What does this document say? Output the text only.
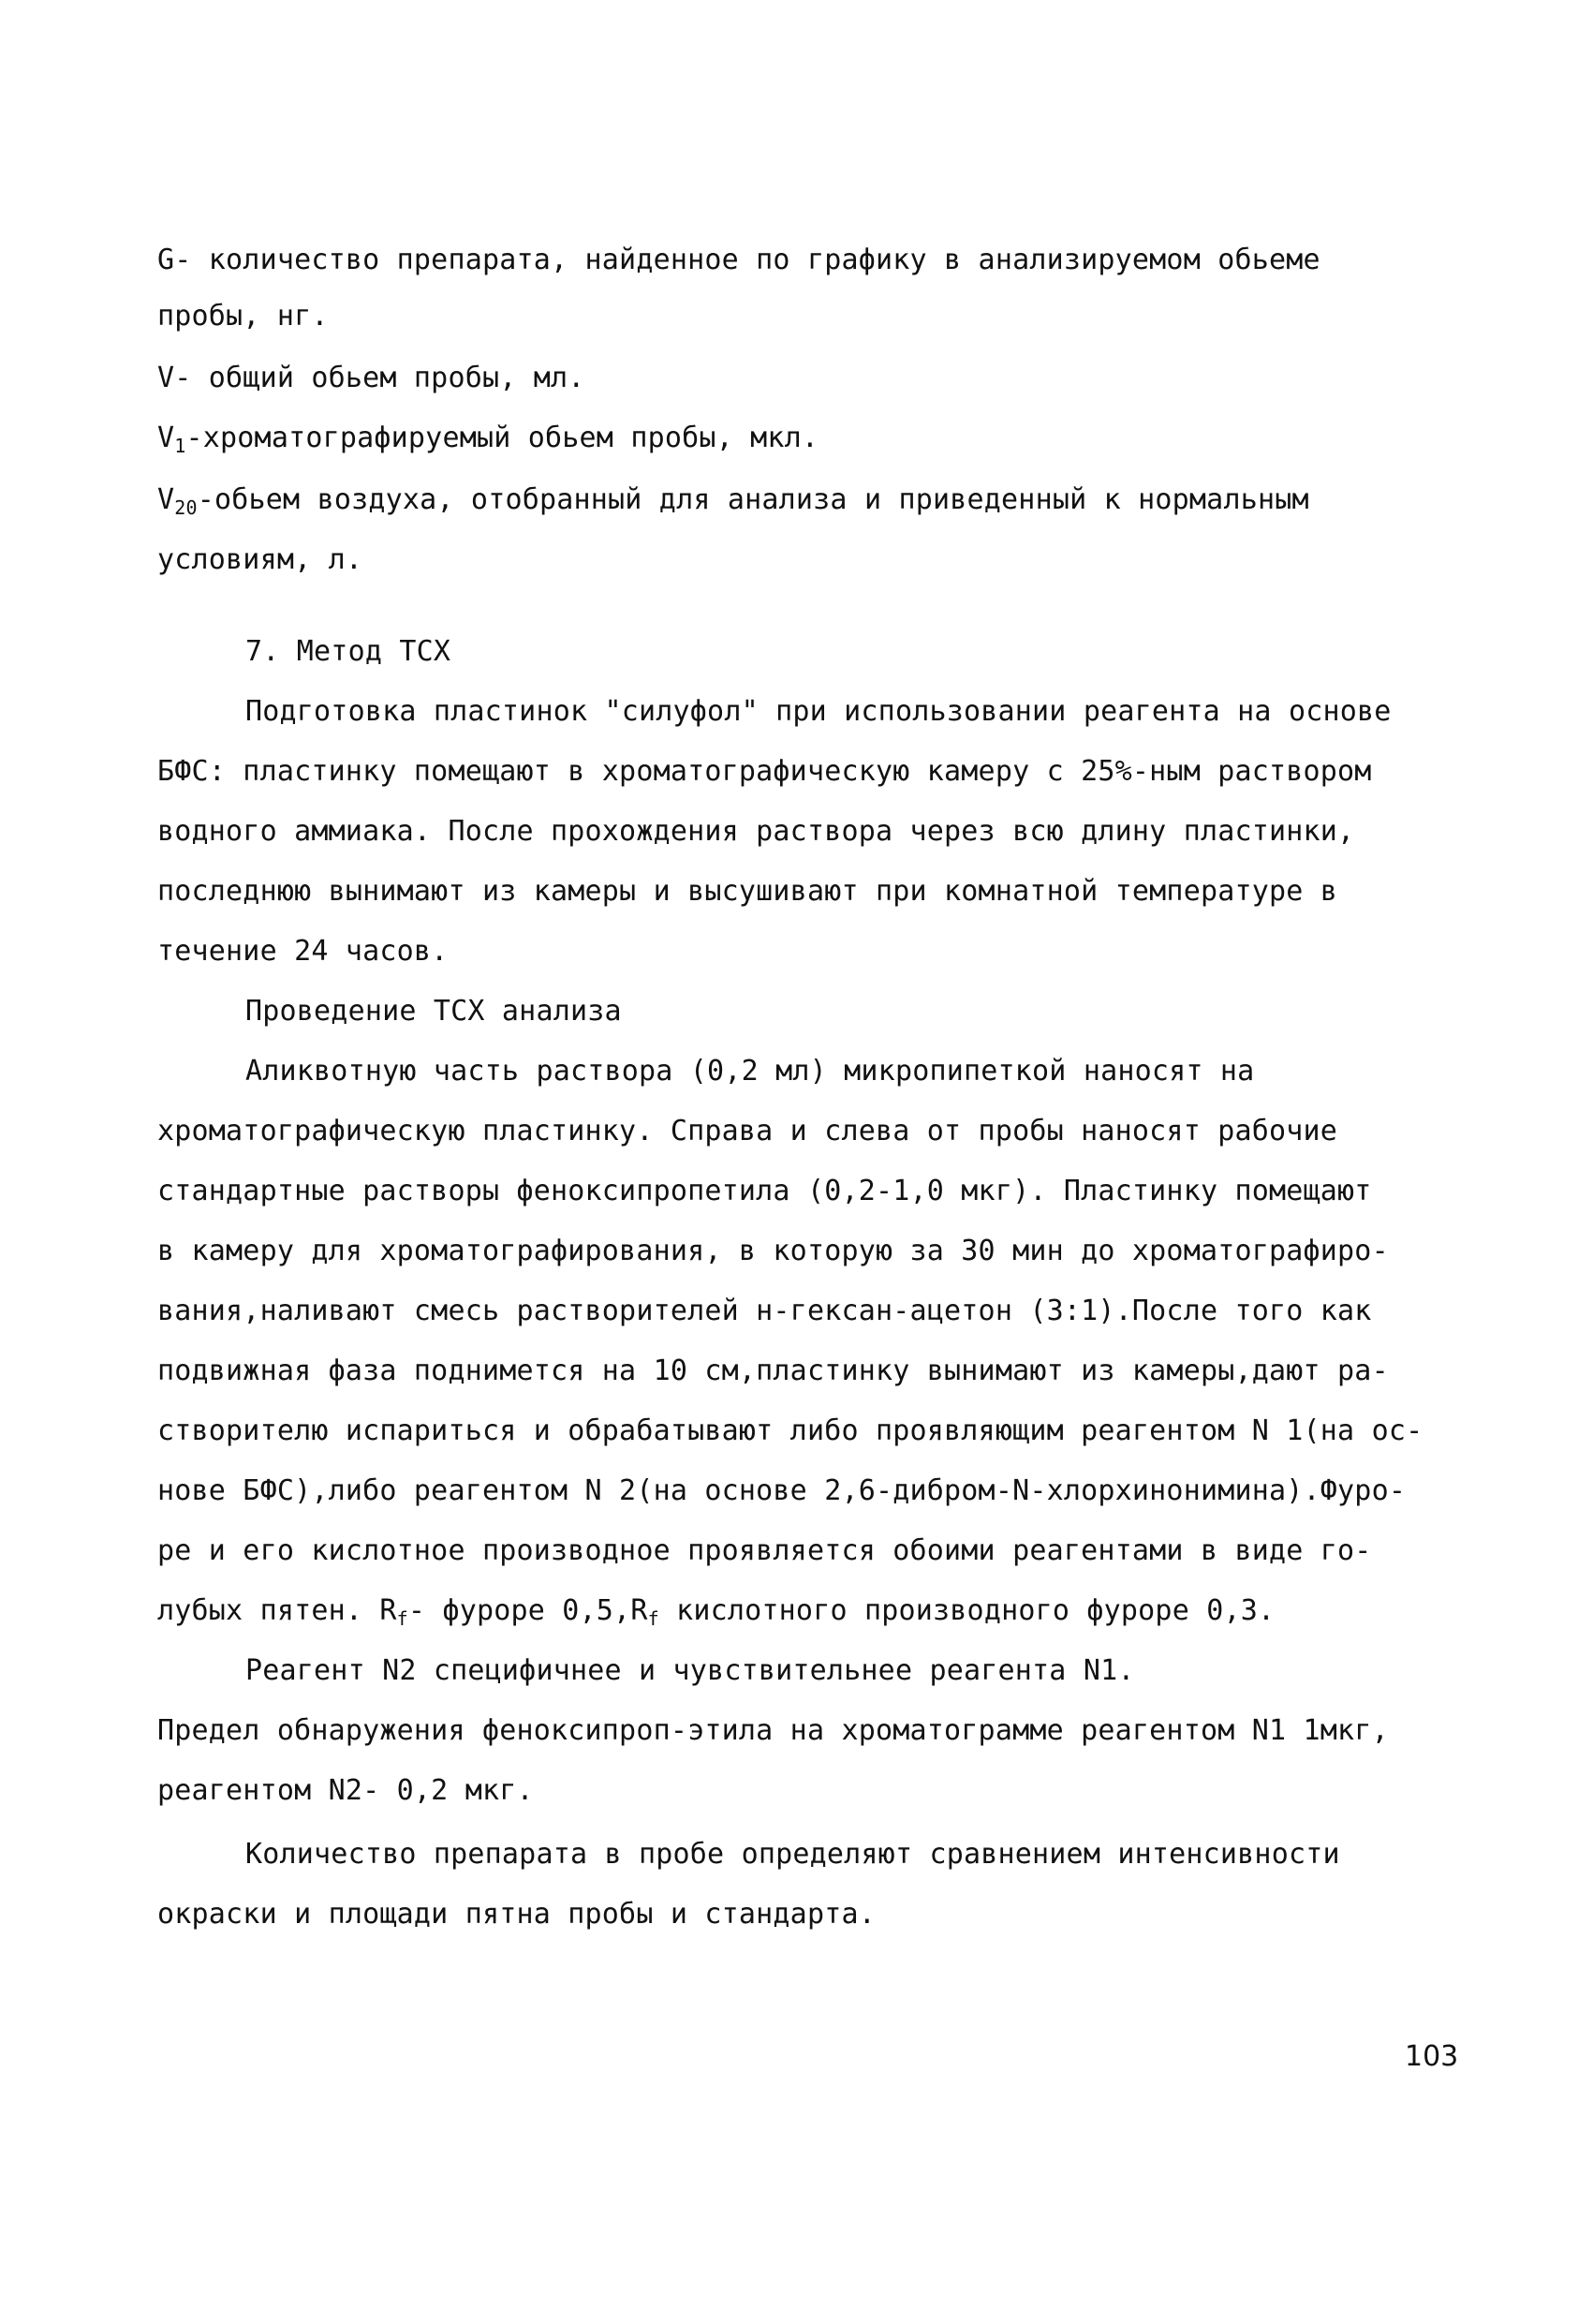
G- количество препарата, найденное по графику в анализируемом обьеме
пробы, нг.
V- общий обьем пробы, мл.
$V_1$-хроматографируемый обьем пробы, мкл.
$V_{20}$-обьем воздуха, отобранный для анализа и приведенный к нормальным
условиям, л.
7. Метод ТСХ
Подготовка пластинок "силуфол" при использовании реагента на основе
БФС: пластинку помещают в хроматографическую камеру с 25%-ным раствором
водного аммиака. После прохождения раствора через всю длину пластинки,
последнюю вынимают из камеры и высушивают при комнатной температуре в
течение 24 часов.
Проведение ТСХ анализа
Аликвотную часть раствора (0,2 мл) микропипеткой наносят на
хроматографическую пластинку. Справа и слева от пробы наносят рабочие
стандартные растворы феноксипропетила (0,2-1,0 мкг). Пластинку помещают
в камеру для хроматографирования, в которую за 30 мин до хроматографиро-
вания,наливают смесь растворителей н-гексан-ацетон (3:1).После того как
подвижная фаза поднимется на 10 см,пластинку вынимают из камеры,дают ра-
створителю испариться и обрабатывают либо проявляющим реагентом N 1(на ос-
нове БФС),либо реагентом N 2(на основе 2,6-дибром-N-хлорхинонимина).Фуро-
ре и его кислотное производное проявляется обоими реагентами в виде го-
лубых пятен. $R_f-$ фуроре $0,5,R_f$ кислотного производного фуроре 0,3.
Реагент N2 специфичнее и чувствительнее реагента N1.
Предел обнаружения феноксипроп-этила на хроматограмме реагентом N1 1мкг,
реагентом N2- 0,2 мкг.
Количество препарата в пробе определяют сравнением интенсивности
окраски и площади пятна пробы и стандарта.
103
